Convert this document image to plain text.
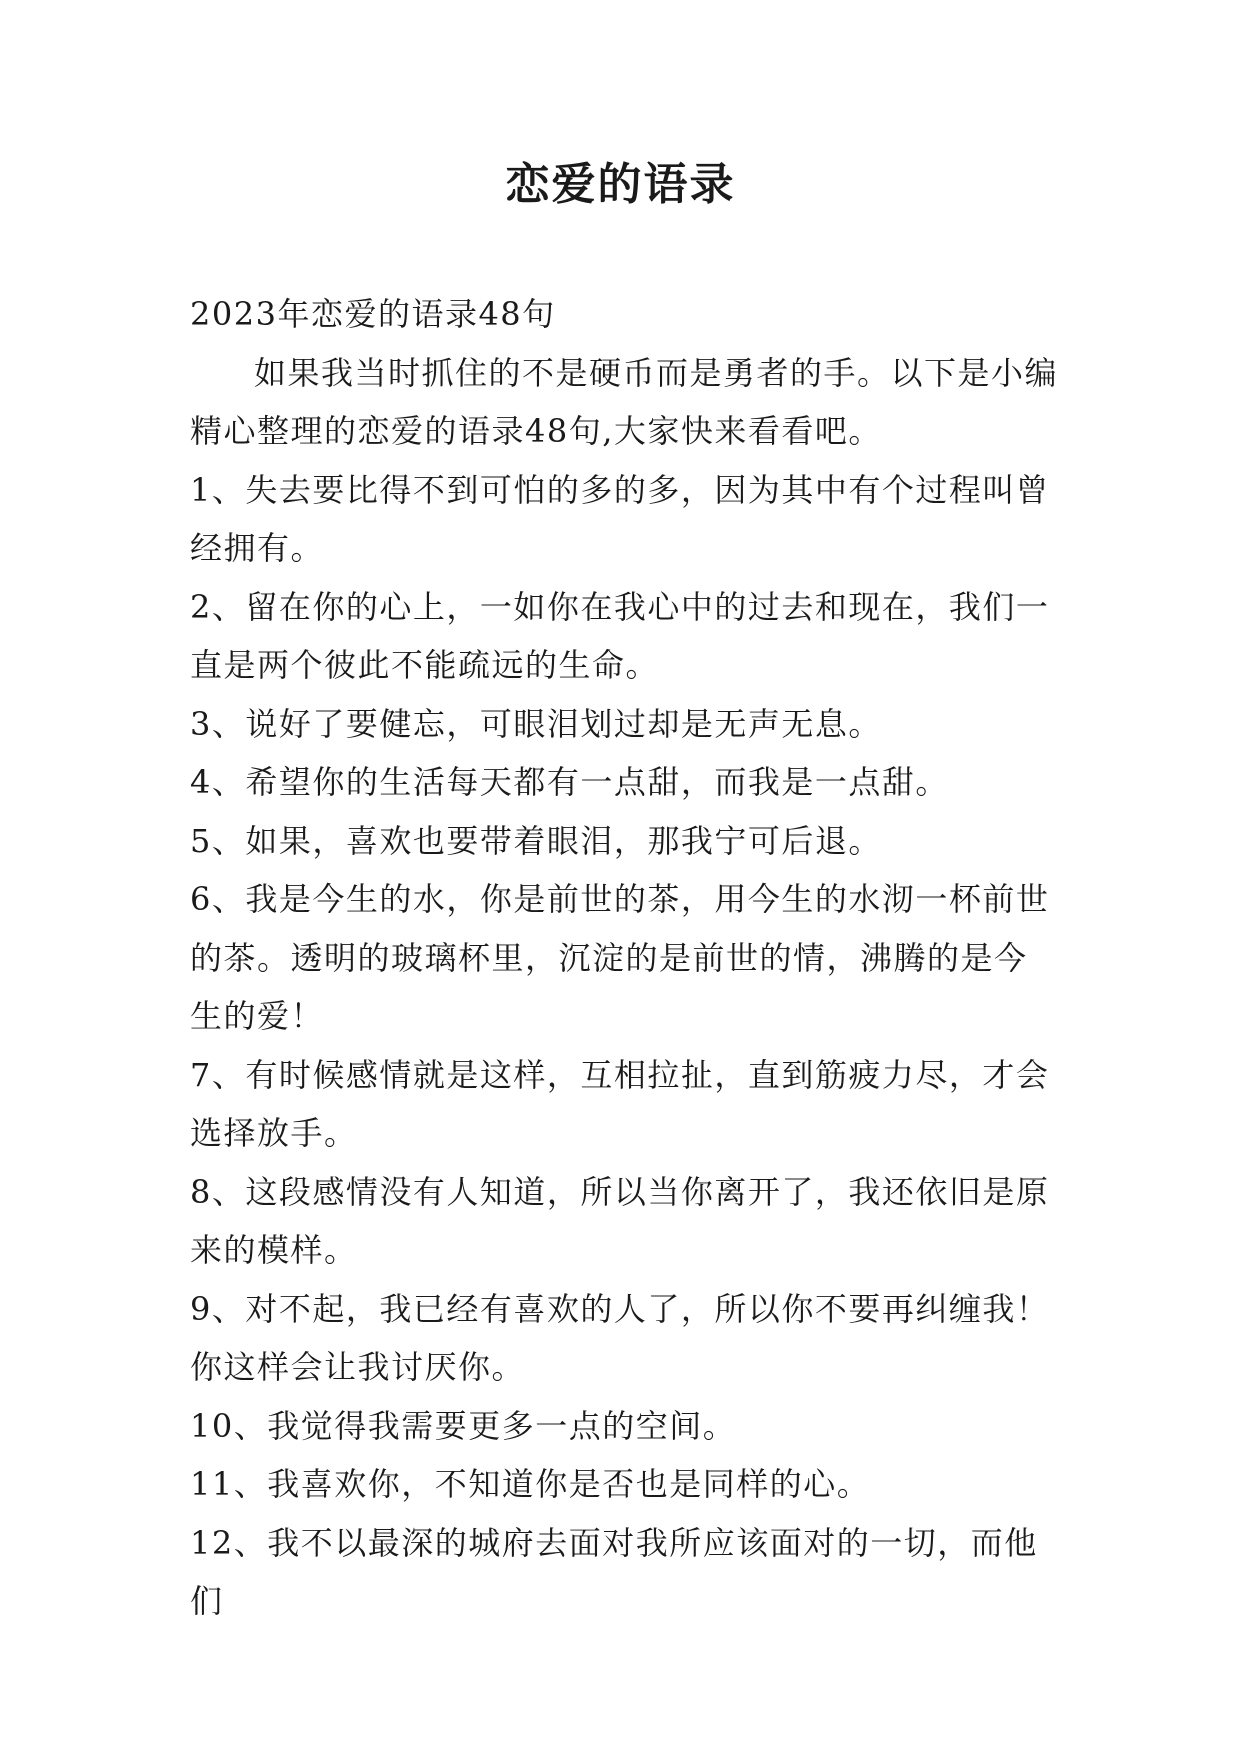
恋爱的语录

2023年恋爱的语录48句

如果我当时抓住的不是硬币而是勇者的手。以下是小编精心整理的恋爱的语录48句,大家快来看看吧。

1、失去要比得不到可怕的多的多，因为其中有个过程叫曾经拥有。

2、留在你的心上，一如你在我心中的过去和现在，我们一直是两个彼此不能疏远的生命。

3、说好了要健忘，可眼泪划过却是无声无息。

4、希望你的生活每天都有一点甜，而我是一点甜。

5、如果，喜欢也要带着眼泪，那我宁可后退。

6、我是今生的水，你是前世的茶，用今生的水沏一杯前世的茶。透明的玻璃杯里，沉淀的是前世的情，沸腾的是今生的爱！

7、有时候感情就是这样，互相拉扯，直到筋疲力尽，才会选择放手。

8、这段感情没有人知道，所以当你离开了，我还依旧是原来的模样。

9、对不起，我已经有喜欢的人了，所以你不要再纠缠我！你这样会让我讨厌你。

10、我觉得我需要更多一点的空间。

11、我喜欢你，不知道你是否也是同样的心。

12、我不以最深的城府去面对我所应该面对的一切，而他们
